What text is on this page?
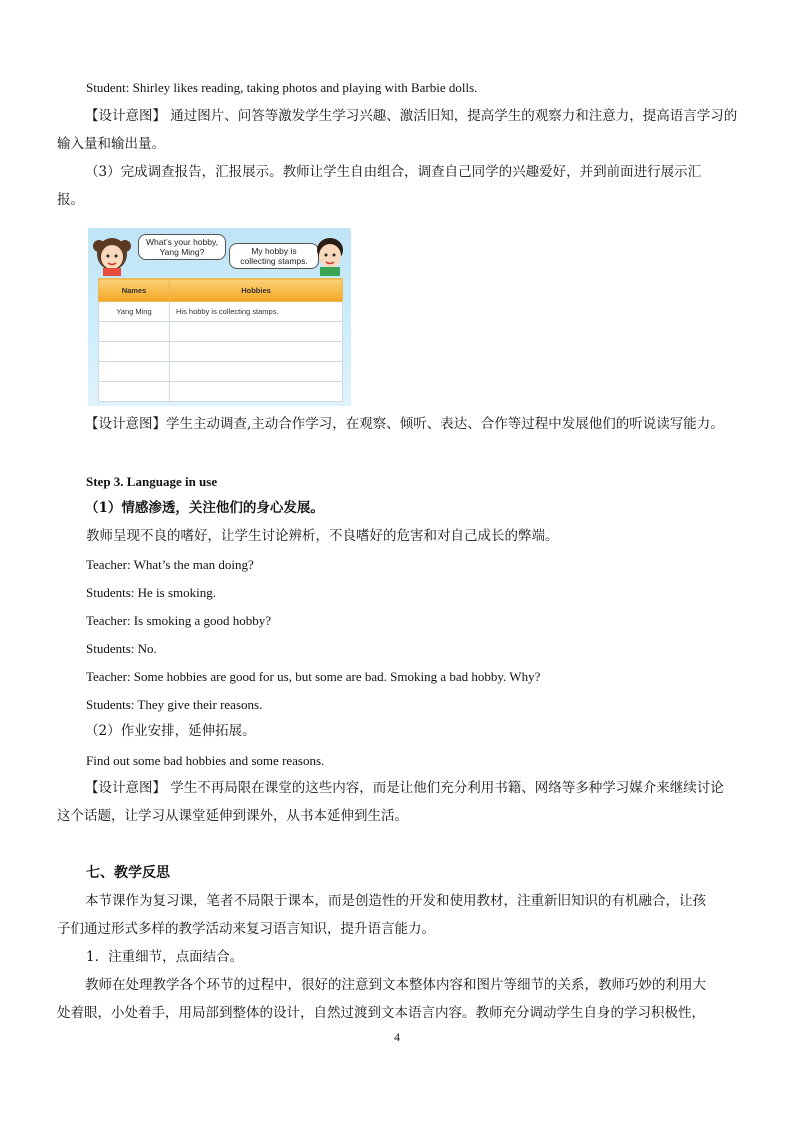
Student: Shirley likes reading, taking photos and playing with Barbie dolls.
【设计意图】 通过图片、问答等激发学生学习兴趣、激活旧知，提高学生的观察力和注意力，提高语言学习的
输入量和输出量。
（3）完成调查报告，汇报展示。教师让学生自由组合，调查自己同学的兴趣爱好，并到前面进行展示汇
报。
What’s your hobby, Yang Ming?	My hobby is collecting stamps.
Names	Hobbies
Yang Ming	His hobby is collecting stamps.

【设计意图】学生主动调查,主动合作学习，在观察、倾听、表达、合作等过程中发展他们的听说读写能力。
Step 3. Language in use
（1）情感渗透，关注他们的身心发展。
教师呈现不良的嗜好，让学生讨论辨析，不良嗜好的危害和对自己成长的弊端。
Teacher: What’s the man doing?
Students: He is smoking.
Teacher: Is smoking a good hobby?
Students: No.
Teacher: Some hobbies are good for us, but some are bad. Smoking a bad hobby. Why?
Students: They give their reasons.
（2）作业安排，延伸拓展。
Find out some bad hobbies and some reasons.
【设计意图】 学生不再局限在课堂的这些内容，而是让他们充分利用书籍、网络等多种学习媒介来继续讨论
这个话题，让学习从课堂延伸到课外，从书本延伸到生活。
七、教学反思
本节课作为复习课，笔者不局限于课本，而是创造性的开发和使用教材，注重新旧知识的有机融合，让孩
子们通过形式多样的教学活动来复习语言知识，提升语言能力。
1．注重细节，点面结合。
教师在处理教学各个环节的过程中，很好的注意到文本整体内容和图片等细节的关系，教师巧妙的利用大
处着眼，小处着手，用局部到整体的设计，自然过渡到文本语言内容。教师充分调动学生自身的学习积极性，
4
